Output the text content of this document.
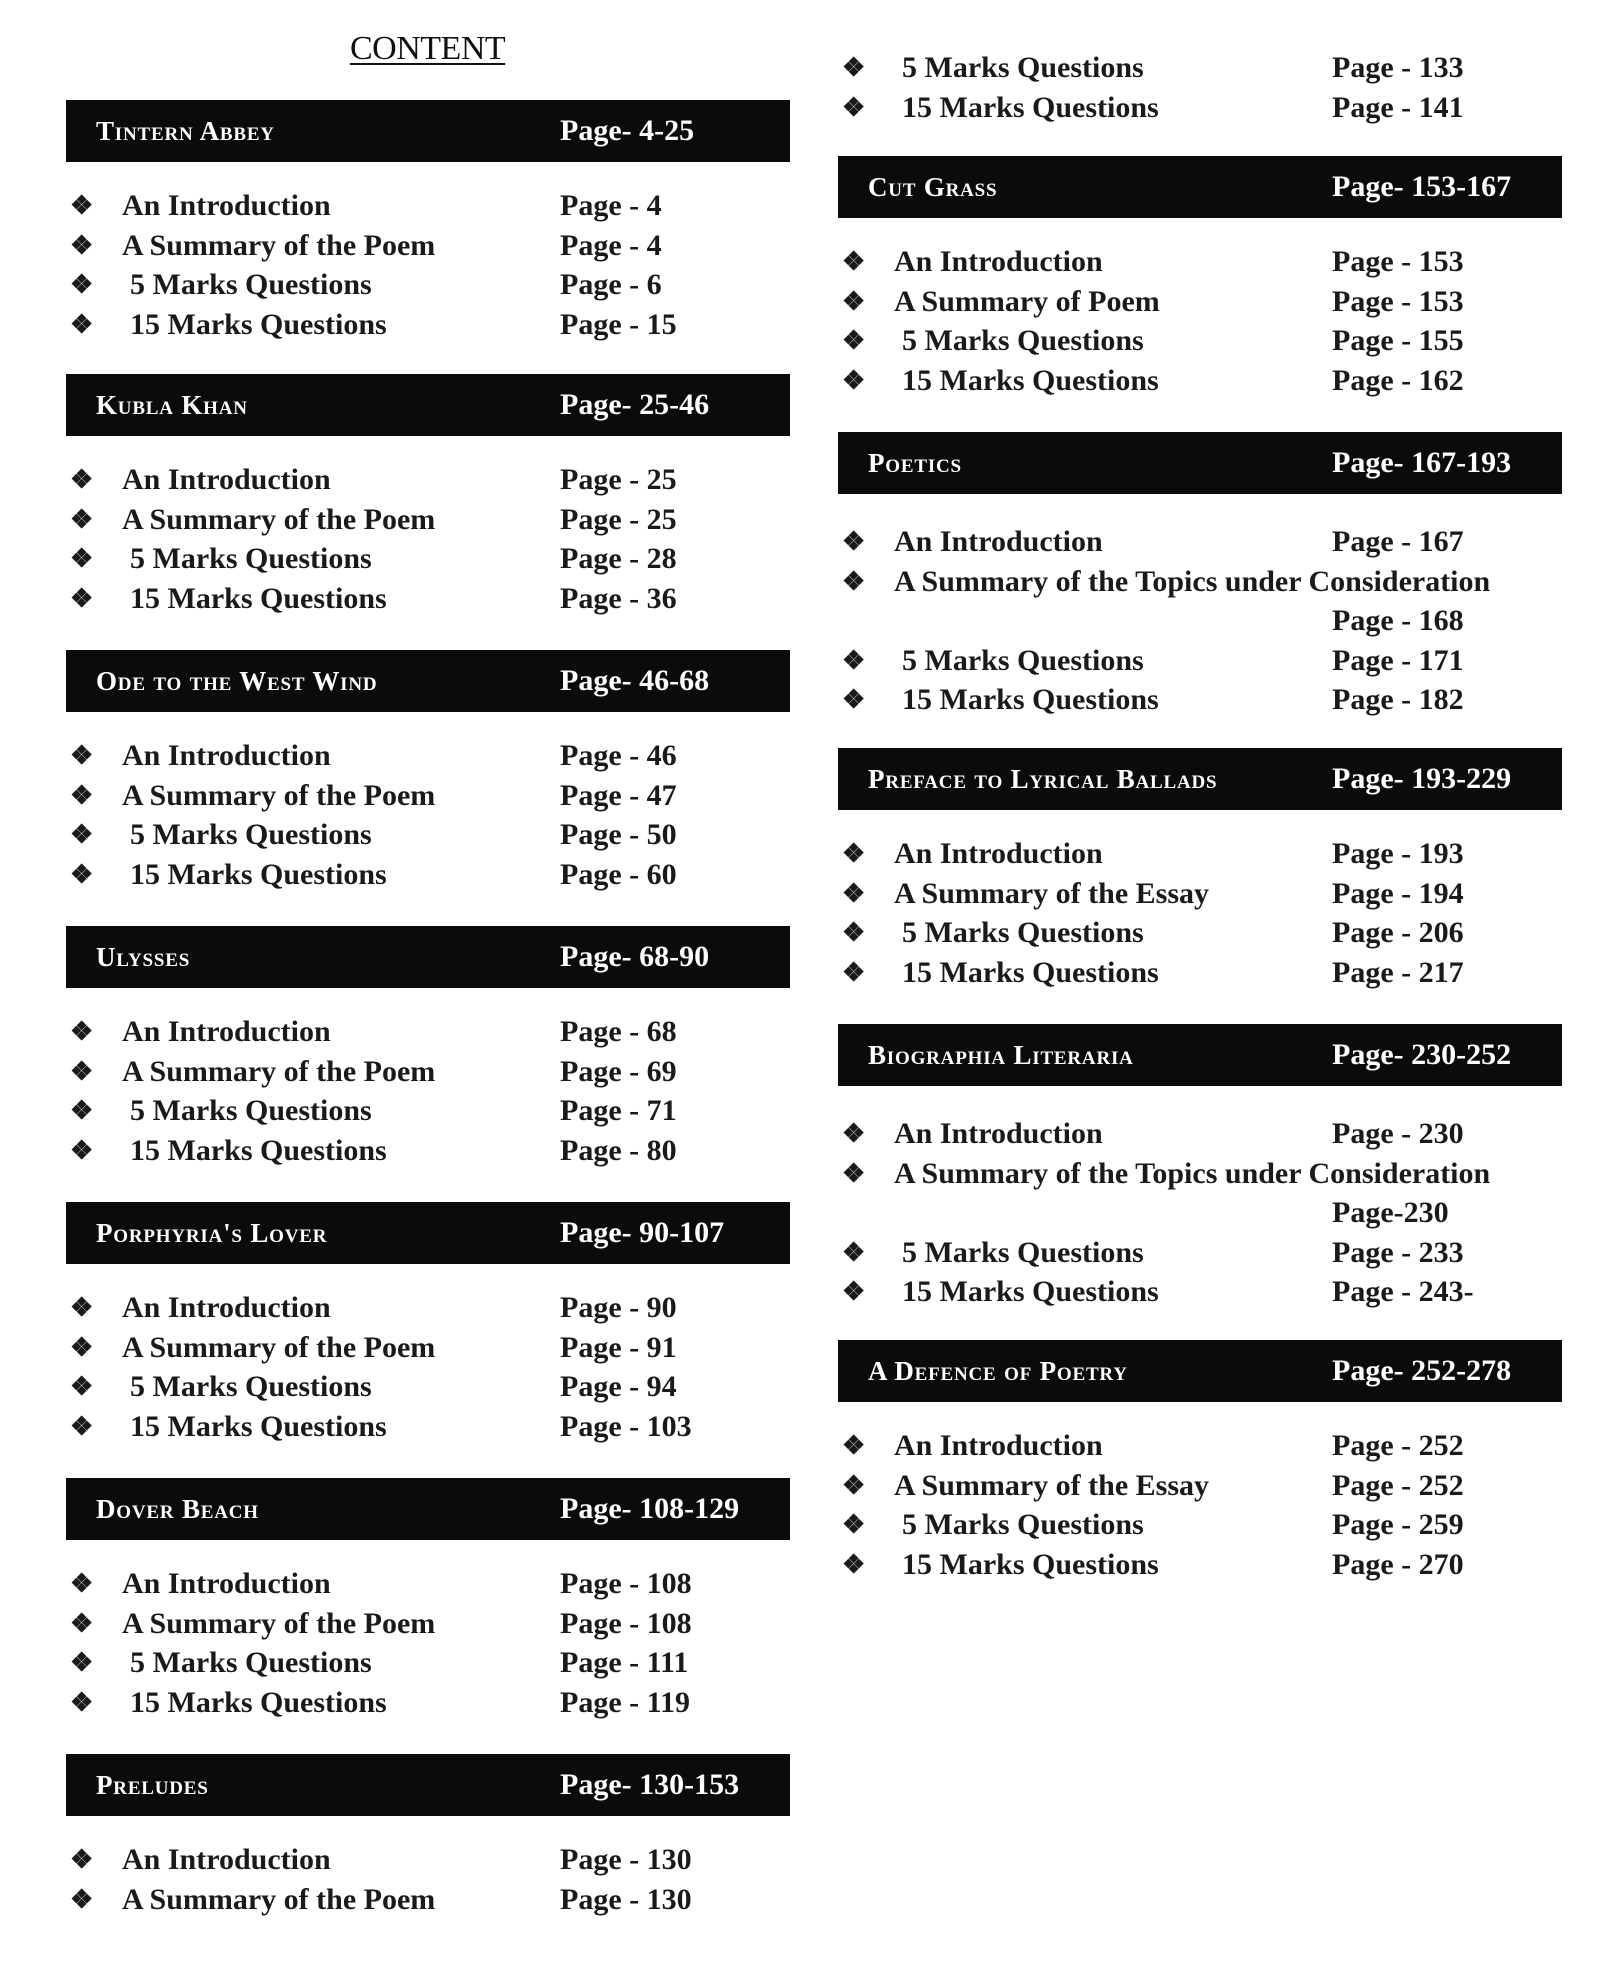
CONTENT
Tintern Abbey	Page- 4-25
❖ An Introduction	Page - 4
❖ A Summary of the Poem	Page - 4
❖ 5 Marks Questions	Page - 6
❖ 15 Marks Questions	Page - 15
Kubla Khan	Page- 25-46
❖ An Introduction	Page - 25
❖ A Summary of the Poem	Page - 25
❖ 5 Marks Questions	Page - 28
❖ 15 Marks Questions	Page - 36
Ode to the West Wind	Page- 46-68
❖ An Introduction	Page - 46
❖ A Summary of the Poem	Page - 47
❖ 5 Marks Questions	Page - 50
❖ 15 Marks Questions	Page - 60
Ulysses	Page- 68-90
❖ An Introduction	Page - 68
❖ A Summary of the Poem	Page - 69
❖ 5 Marks Questions	Page - 71
❖ 15 Marks Questions	Page - 80
Porphyria's Lover	Page- 90-107
❖ An Introduction	Page - 90
❖ A Summary of the Poem	Page - 91
❖ 5 Marks Questions	Page - 94
❖ 15 Marks Questions	Page - 103
Dover Beach	Page- 108-129
❖ An Introduction	Page - 108
❖ A Summary of the Poem	Page - 108
❖ 5 Marks Questions	Page - 111
❖ 15 Marks Questions	Page - 119
Preludes	Page- 130-153
❖ An Introduction	Page - 130
❖ A Summary of the Poem	Page - 130
❖ 5 Marks Questions	Page - 133
❖ 15 Marks Questions	Page - 141
Cut Grass	Page- 153-167
❖ An Introduction	Page - 153
❖ A Summary of Poem	Page - 153
❖ 5 Marks Questions	Page - 155
❖ 15 Marks Questions	Page - 162
Poetics	Page- 167-193
❖ An Introduction	Page - 167
❖ A Summary of the Topics under Consideration
Page - 168
❖ 5 Marks Questions	Page - 171
❖ 15 Marks Questions	Page - 182
Preface to Lyrical Ballads	Page- 193-229
❖ An Introduction	Page - 193
❖ A Summary of the Essay	Page - 194
❖ 5 Marks Questions	Page - 206
❖ 15 Marks Questions	Page - 217
Biographia Literaria	Page- 230-252
❖ An Introduction	Page - 230
❖ A Summary of the Topics under Consideration
Page-230
❖ 5 Marks Questions	Page - 233
❖ 15 Marks Questions	Page - 243-
A Defence of Poetry	Page- 252-278
❖ An Introduction	Page - 252
❖ A Summary of the Essay	Page - 252
❖ 5 Marks Questions	Page - 259
❖ 15 Marks Questions	Page - 270
